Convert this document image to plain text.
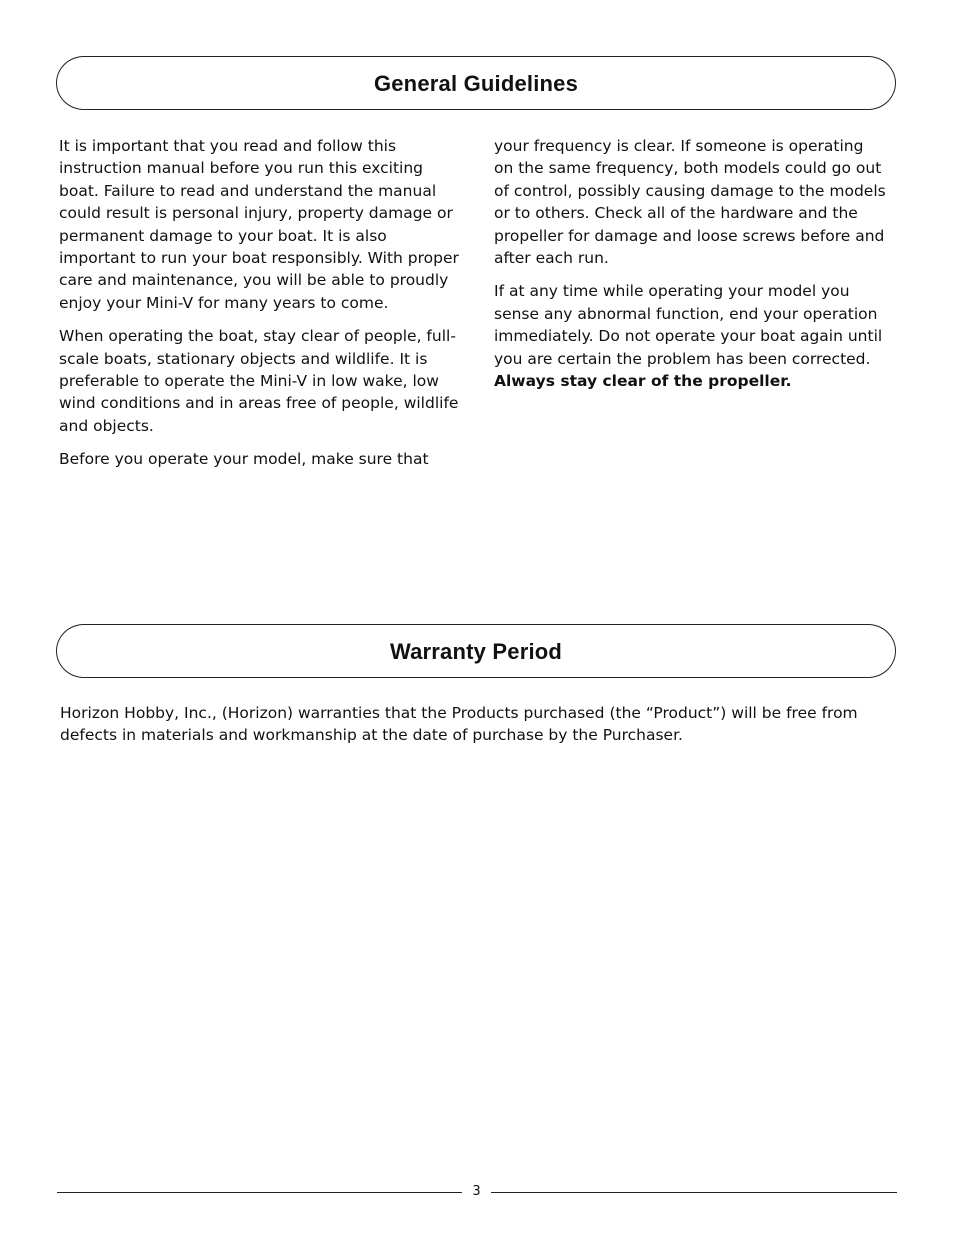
General Guidelines

It is important that you read and follow this instruction manual before you run this exciting boat. Failure to read and understand the manual could result is personal injury, property damage or permanent damage to your boat. It is also important to run your boat responsibly. With proper care and maintenance, you will be able to proudly enjoy your Mini-V for many years to come.

When operating the boat, stay clear of people, full-scale boats, stationary objects and wildlife. It is preferable to operate the Mini-V in low wake, low wind conditions and in areas free of people, wildlife and objects.

Before you operate your model, make sure that

your frequency is clear. If someone is operating on the same frequency, both models could go out of control, possibly causing damage to the models or to others. Check all of the hardware and the propeller for damage and loose screws before and after each run.

If at any time while operating your model you sense any abnormal function, end your operation immediately. Do not operate your boat again until you are certain the problem has been corrected.
Always stay clear of the propeller.

Warranty Period

Horizon Hobby, Inc., (Horizon) warranties that the Products purchased (the “Product”) will be free from defects in materials and workmanship at the date of purchase by the Purchaser.

3
